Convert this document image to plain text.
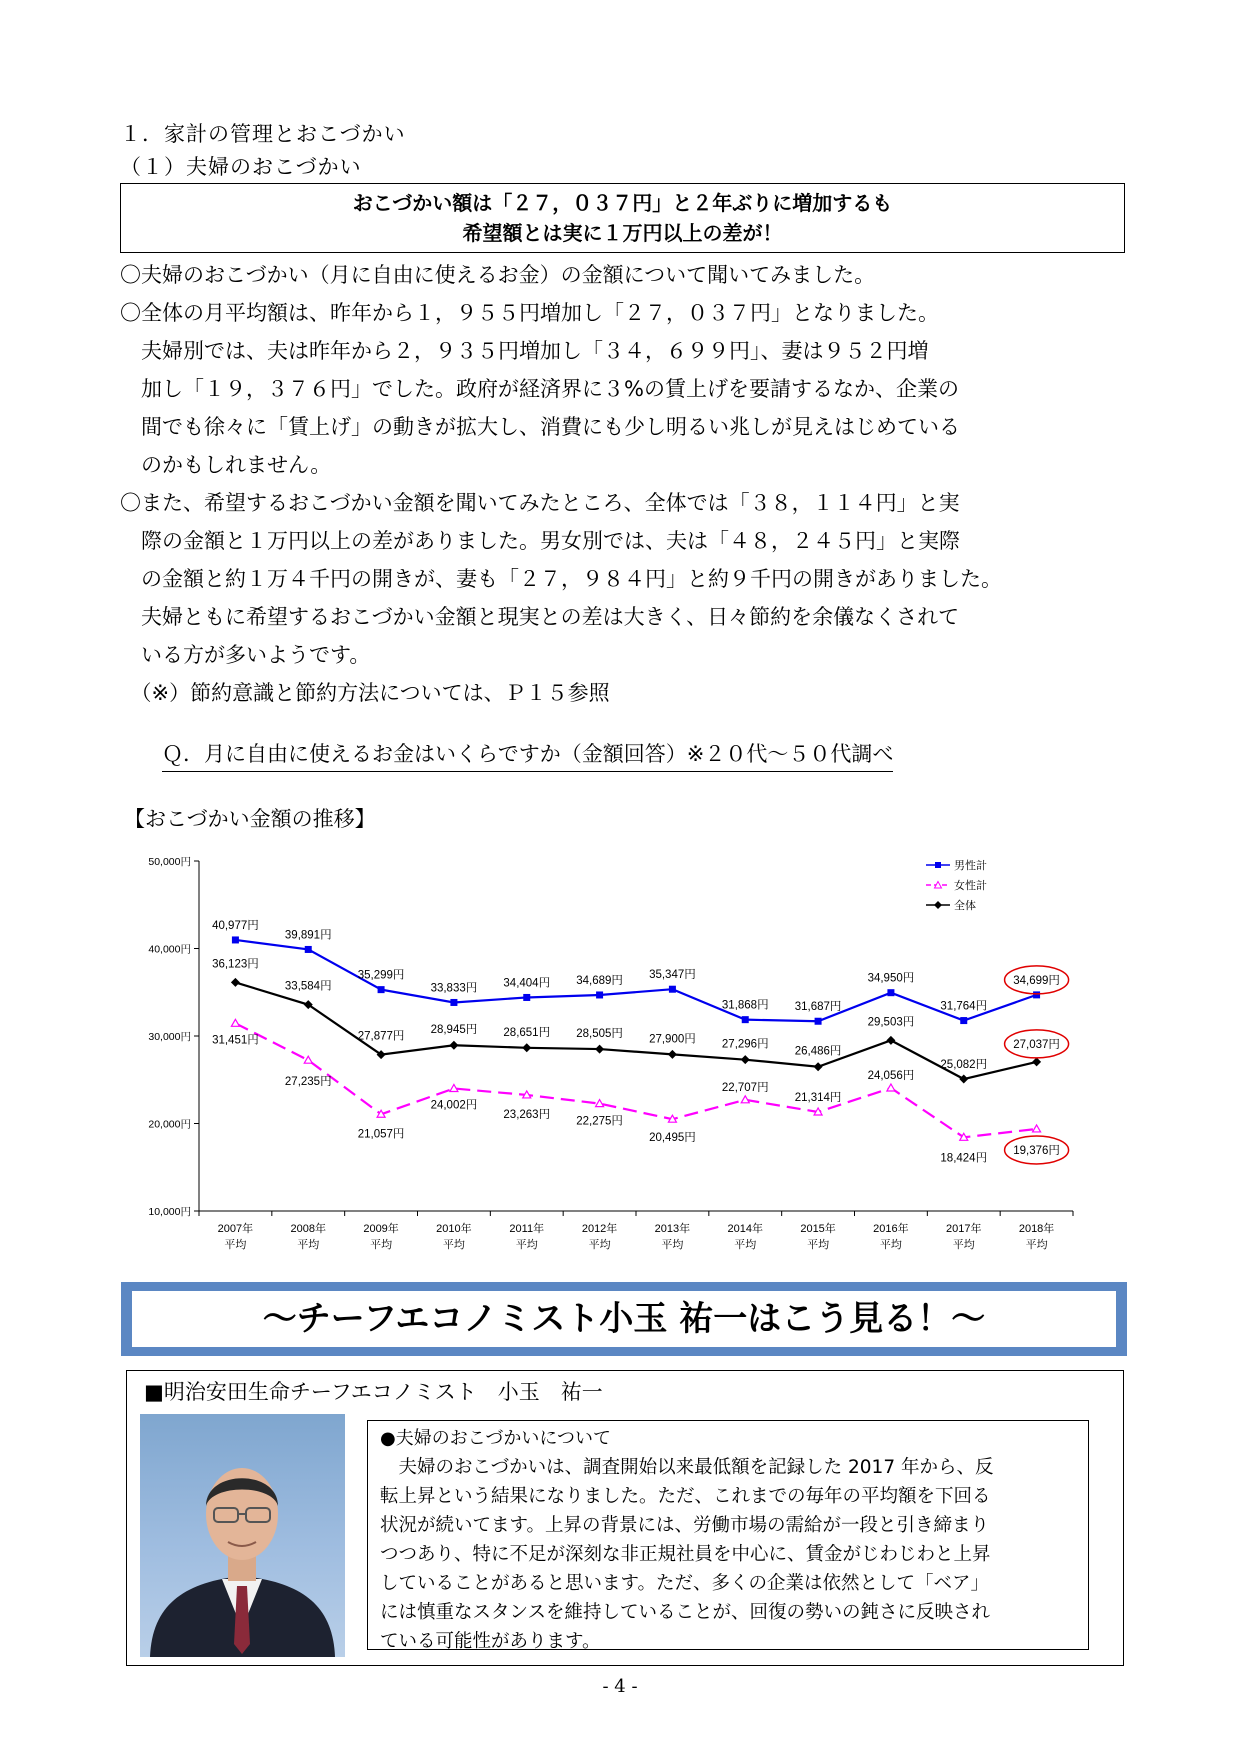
１．家計の管理とおこづかい
（１）夫婦のおこづかい
おこづかい額は「２７，０３７円」と２年ぶりに増加するも
希望額とは実に１万円以上の差が！
〇夫婦のおこづかい（月に自由に使えるお金）の金額について聞いてみました。
〇全体の月平均額は、昨年から１，９５５円増加し「２７，０３７円」となりました。
　夫婦別では、夫は昨年から２，９３５円増加し「３４，６９９円」、妻は９５２円増
　加し「１９，３７６円」でした。政府が経済界に３%の賃上げを要請するなか、企業の
　間でも徐々に「賃上げ」の動きが拡大し、消費にも少し明るい兆しが見えはじめている
　のかもしれません。
〇また、希望するおこづかい金額を聞いてみたところ、全体では「３８，１１４円」と実
　際の金額と１万円以上の差がありました。男女別では、夫は「４８，２４５円」と実際
　の金額と約１万４千円の開きが、妻も「２７，９８４円」と約９千円の開きがありました。
　夫婦ともに希望するおこづかい金額と現実との差は大きく、日々節約を余儀なくされて
　いる方が多いようです。
　（※）節約意識と節約方法については、Ｐ１５参照
Ｑ．月に自由に使えるお金はいくらですか（金額回答）※２０代～５０代調べ
【おこづかい金額の推移】
10,000円
20,000円
30,000円
40,000円
50,000円
2007年
平均
2008年
平均
2009年
平均
2010年
平均
2011年
平均
2012年
平均
2013年
平均
2014年
平均
2015年
平均
2016年
平均
2017年
平均
2018年
平均
40,977円
39,891円
35,299円
33,833円 34,404円 34,689円 35,347円
31,868円 31,687円
34,950円
31,764円
34,699円
31,451円
27,235円
21,057円
24,002円
23,263円
22,275円
20,495円
22,707円
21,314円
24,056円
18,424円
19,376円
36,123円
33,584円
27,877円
28,945円 28,651円 28,505円 27,900円 27,296円
26,486円
29,503円
25,082円
27,037円
男性計
女性計
全体
～チーフエコノミスト小玉 祐一はこう見る！～
■明治安田生命チーフエコノミスト　小玉　祐一
●夫婦のおこづかいについて
　夫婦のおこづかいは、調査開始以来最低額を記録した 2017 年から、反
転上昇という結果になりました。ただ、これまでの毎年の平均額を下回る
状況が続いてます。上昇の背景には、労働市場の需給が一段と引き締まり
つつあり、特に不足が深刻な非正規社員を中心に、賃金がじわじわと上昇
していることがあると思います。ただ、多くの企業は依然として「ベア」
には慎重なスタンスを維持していることが、回復の勢いの鈍さに反映され
ている可能性があります。
- 4 -
